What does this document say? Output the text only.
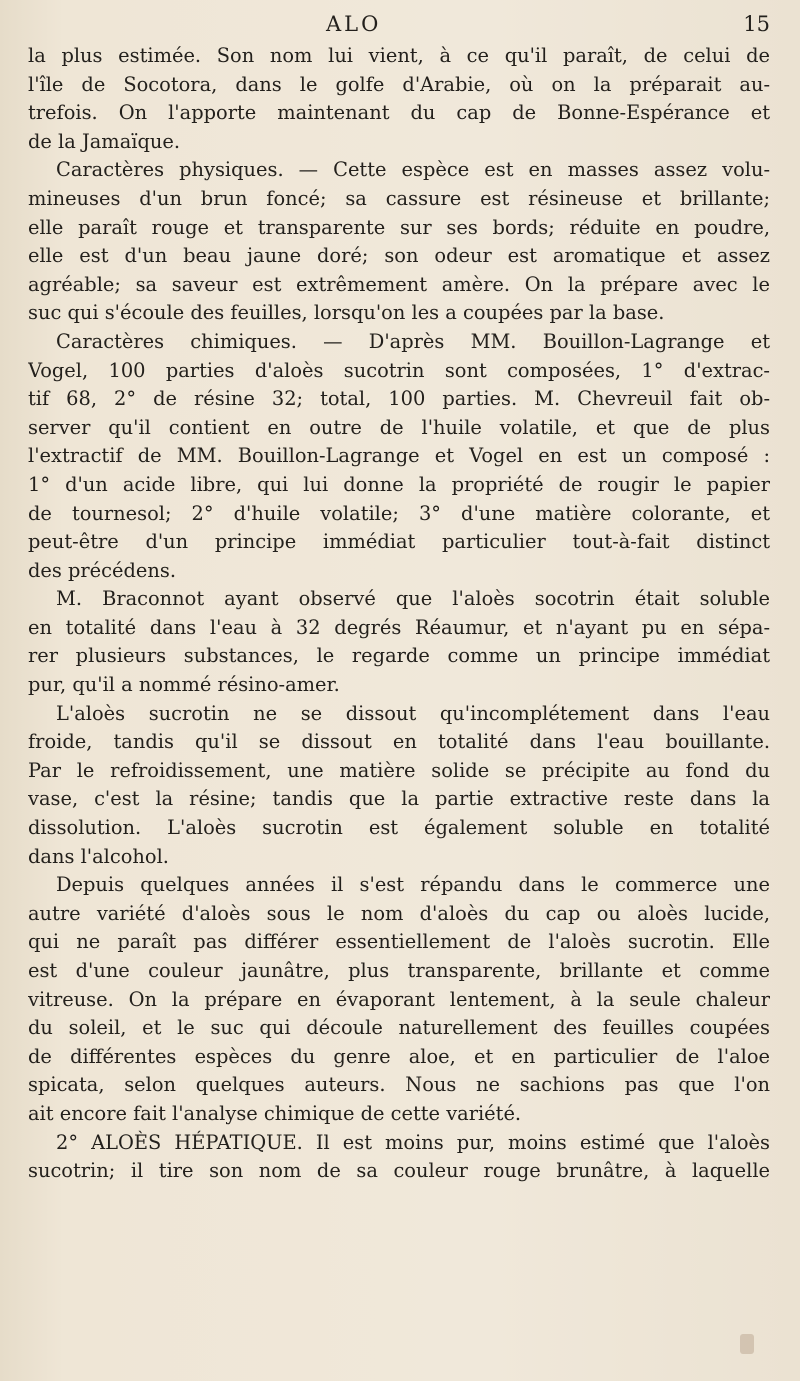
ALO	15
la plus estimée. Son nom lui vient, à ce qu'il paraît, de celui de
l'île de Socotora, dans le golfe d'Arabie, où on la préparait au-
trefois. On l'apporte maintenant du cap de Bonne-Espérance et
de la Jamaïque.
Caractères physiques. — Cette espèce est en masses assez volu-
mineuses d'un brun foncé; sa cassure est résineuse et brillante;
elle paraît rouge et transparente sur ses bords; réduite en poudre,
elle est d'un beau jaune doré; son odeur est aromatique et assez
agréable; sa saveur est extrêmement amère. On la prépare avec le
suc qui s'écoule des feuilles, lorsqu'on les a coupées par la base.
Caractères chimiques. — D'après MM. Bouillon-Lagrange et
Vogel, 100 parties d'aloès sucotrin sont composées, 1° d'extrac-
tif 68, 2° de résine 32; total, 100 parties. M. Chevreuil fait ob-
server qu'il contient en outre de l'huile volatile, et que de plus
l'extractif de MM. Bouillon-Lagrange et Vogel en est un composé :
1° d'un acide libre, qui lui donne la propriété de rougir le papier
de tournesol; 2° d'huile volatile; 3° d'une matière colorante, et
peut-être d'un principe immédiat particulier tout-à-fait distinct
des précédens.
M. Braconnot ayant observé que l'aloès socotrin était soluble
en totalité dans l'eau à 32 degrés Réaumur, et n'ayant pu en sépa-
rer plusieurs substances, le regarde comme un principe immédiat
pur, qu'il a nommé résino-amer.
L'aloès sucrotin ne se dissout qu'incomplétement dans l'eau
froide, tandis qu'il se dissout en totalité dans l'eau bouillante.
Par le refroidissement, une matière solide se précipite au fond du
vase, c'est la résine; tandis que la partie extractive reste dans la
dissolution. L'aloès sucrotin est également soluble en totalité
dans l'alcohol.
Depuis quelques années il s'est répandu dans le commerce une
autre variété d'aloès sous le nom d'aloès du cap ou aloès lucide,
qui ne paraît pas différer essentiellement de l'aloès sucrotin. Elle
est d'une couleur jaunâtre, plus transparente, brillante et comme
vitreuse. On la prépare en évaporant lentement, à la seule chaleur
du soleil, et le suc qui découle naturellement des feuilles coupées
de différentes espèces du genre aloe, et en particulier de l'aloe
spicata, selon quelques auteurs. Nous ne sachions pas que l'on
ait encore fait l'analyse chimique de cette variété.
2° ALOÈS HÉPATIQUE. Il est moins pur, moins estimé que l'aloès
sucotrin; il tire son nom de sa couleur rouge brunâtre, à laquelle
